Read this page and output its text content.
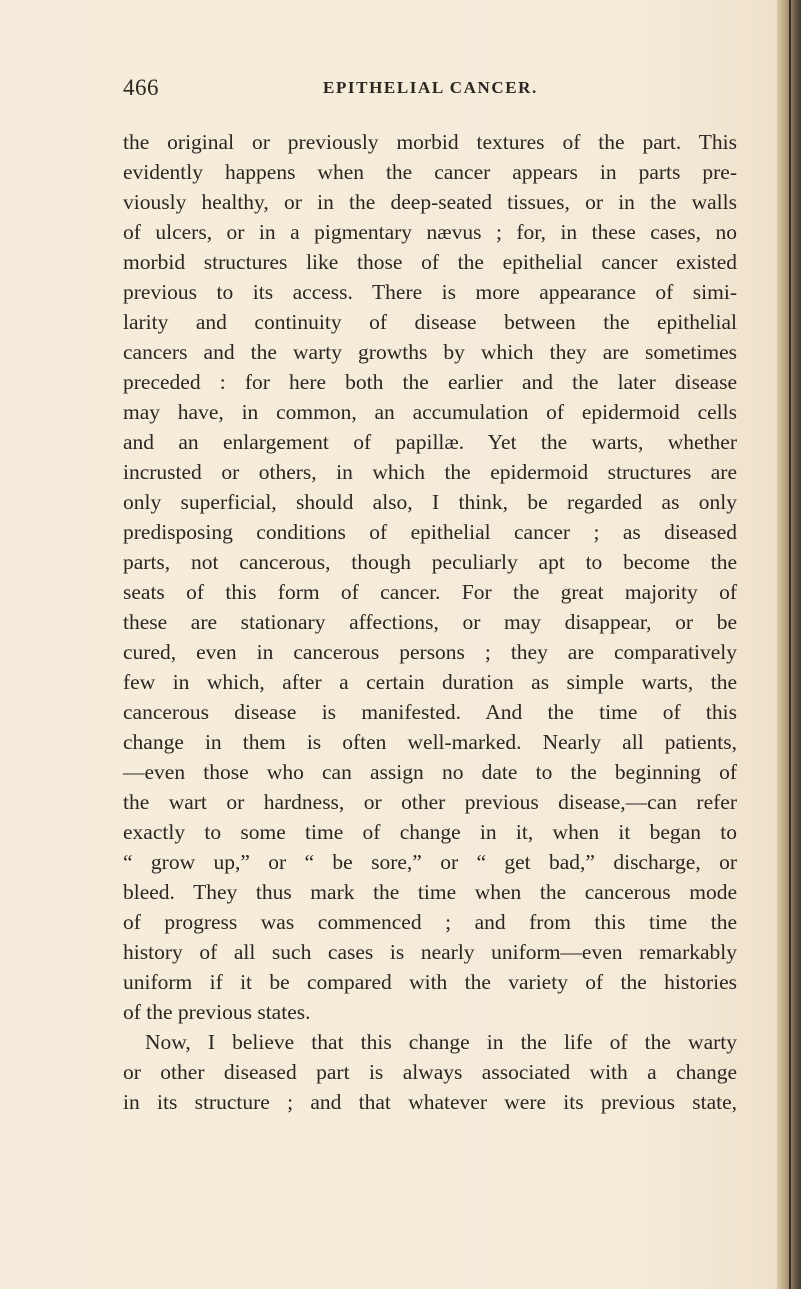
466	EPITHELIAL CANCER.
the original or previously morbid textures of the part. This
evidently happens when the cancer appears in parts pre-
viously healthy, or in the deep-seated tissues, or in the walls
of ulcers, or in a pigmentary nævus ; for, in these cases, no
morbid structures like those of the epithelial cancer existed
previous to its access. There is more appearance of simi-
larity and continuity of disease between the epithelial
cancers and the warty growths by which they are sometimes
preceded : for here both the earlier and the later disease
may have, in common, an accumulation of epidermoid cells
and an enlargement of papillæ. Yet the warts, whether
incrusted or others, in which the epidermoid structures are
only superficial, should also, I think, be regarded as only
predisposing conditions of epithelial cancer ; as diseased
parts, not cancerous, though peculiarly apt to become the
seats of this form of cancer. For the great majority of
these are stationary affections, or may disappear, or be
cured, even in cancerous persons ; they are comparatively
few in which, after a certain duration as simple warts, the
cancerous disease is manifested. And the time of this
change in them is often well-marked. Nearly all patients,
—even those who can assign no date to the beginning of
the wart or hardness, or other previous disease,—can refer
exactly to some time of change in it, when it began to
“ grow up,” or “ be sore,” or “ get bad,” discharge, or
bleed. They thus mark the time when the cancerous mode
of progress was commenced ; and from this time the
history of all such cases is nearly uniform—even remarkably
uniform if it be compared with the variety of the histories
of the previous states.
Now, I believe that this change in the life of the warty
or other diseased part is always associated with a change
in its structure ; and that whatever were its previous state,
